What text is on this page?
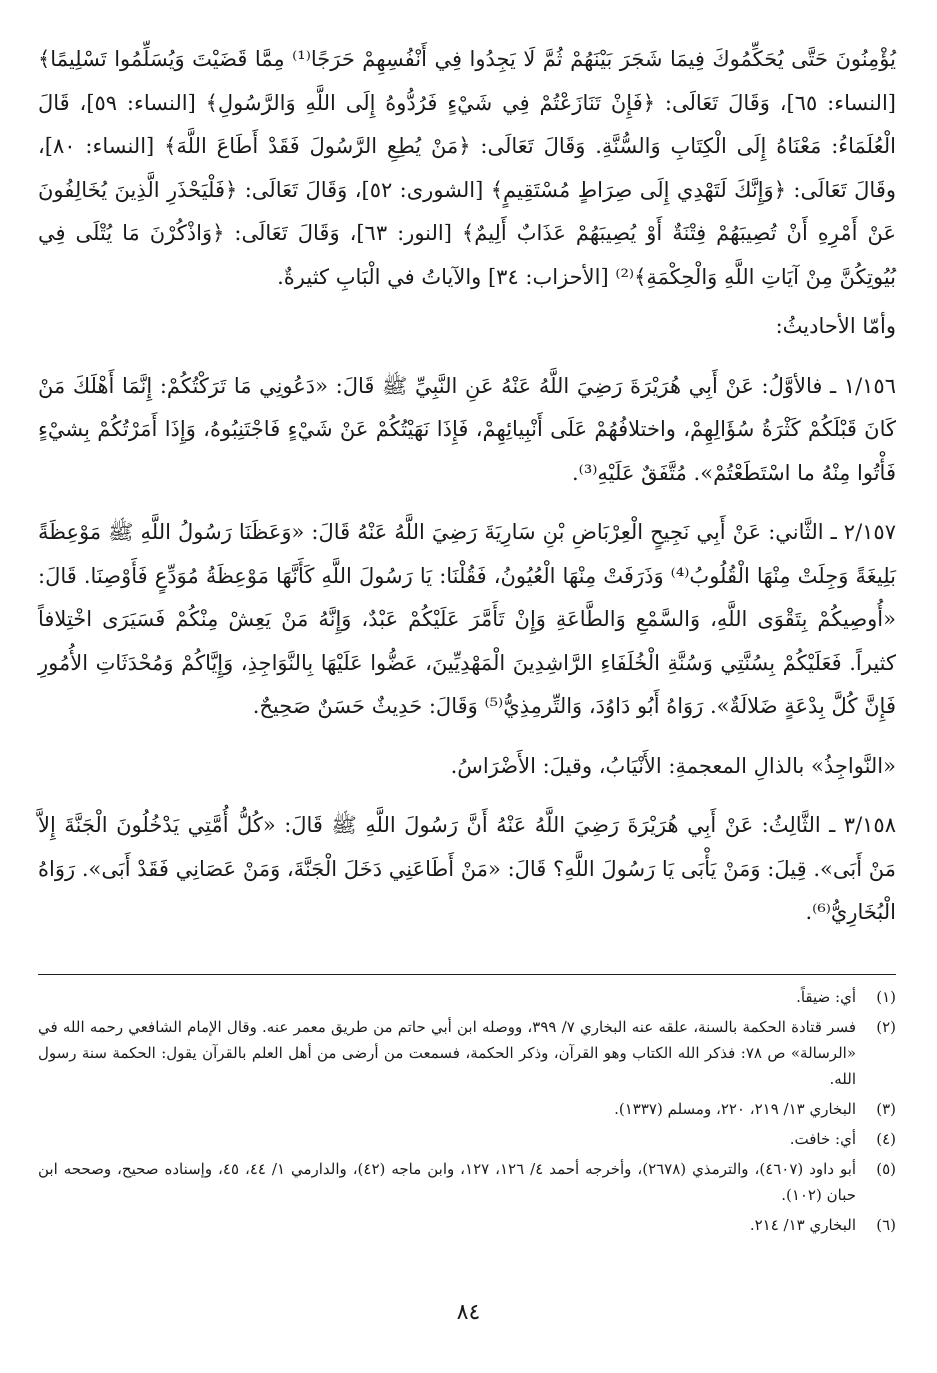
يُؤْمِنُونَ حَتَّى يُحَكِّمُوكَ فِيمَا شَجَرَ بَيْنَهُمْ ثُمَّ لَا يَجِدُوا فِي أَنْفُسِهِمْ حَرَجًا⁽¹⁾ مِمَّا قَضَيْتَ وَيُسَلِّمُوا تَسْلِيمًا﴾ [النساء: ٦٥]، وَقَالَ تَعَالَى: ﴿فَإِنْ تَنَازَعْتُمْ فِي شَيْءٍ فَرُدُّوهُ إِلَى اللَّهِ وَالرَّسُولِ﴾ [النساء: ٥٩]، قَالَ الْعُلَمَاءُ: مَعْنَاهُ إِلَى الْكِتَابِ وَالسُّنَّةِ. وَقَالَ تَعَالَى: ﴿مَنْ يُطِعِ الرَّسُولَ فَقَدْ أَطَاعَ اللَّهَ﴾ [النساء: ٨٠]، وقَالَ تَعَالَى: ﴿وَإِنَّكَ لَتَهْدِي إِلَى صِرَاطٍ مُسْتَقِيمٍ﴾ [الشورى: ٥٢]، وَقَالَ تَعَالَى: ﴿فَلْيَحْذَرِ الَّذِينَ يُخَالِفُونَ عَنْ أَمْرِهِ أَنْ تُصِيبَهُمْ فِتْنَةٌ أَوْ يُصِيبَهُمْ عَذَابٌ أَلِيمٌ﴾ [النور: ٦٣]، وَقَالَ تَعَالَى: ﴿وَاذْكُرْنَ مَا يُتْلَى فِي بُيُوتِكُنَّ مِنْ آيَاتِ اللَّهِ وَالْحِكْمَةِ﴾⁽²⁾ [الأحزاب: ٣٤] والآياتُ في الْبَابِ كثيرةٌ.

وأمّا الأحاديثُ:

١/١٥٦ ـ فالأوَّلُ: عَنْ أَبِي هُرَيْرَةَ رَضِيَ اللَّهُ عَنْهُ عَنِ النَّبِيِّ ﷺ قَالَ: «دَعُونِي مَا تَرَكْتُكُمْ: إِنَّمَا أَهْلَكَ مَنْ كَانَ قَبْلَكُمْ كَثْرَةُ سُؤَالِهِمْ، واختلافُهُمْ عَلَى أَنْبِيائِهِمْ، فَإِذَا نَهَيْتُكُمْ عَنْ شَيْءٍ فَاجْتَنِبُوهُ، وَإِذَا أَمَرْتُكُمْ بِشيْءٍ فَأْتُوا مِنْهُ ما اسْتَطَعْتُمْ». مُتَّفَقٌ عَلَيْهِ⁽³⁾.

٢/١٥٧ ـ الثَّاني: عَنْ أَبِي نَجِيحٍ الْعِرْبَاضِ بْنِ سَارِيَةَ رَضِيَ اللَّهُ عَنْهُ قَالَ: «وَعَظَنَا رَسُولُ اللَّهِ ﷺ مَوْعِظَةً بَلِيغَةً وَجِلَتْ مِنْهَا الْقُلُوبُ⁽⁴⁾ وَذَرَفَتْ مِنْهَا الْعُيُونُ، فَقُلْنَا: يَا رَسُولَ اللَّهِ كَأَنَّهَا مَوْعِظَةُ مُوَدِّعٍ فَأَوْصِنَا. قَالَ: «أُوصِيكُمْ بِتَقْوَى اللَّهِ، وَالسَّمْعِ وَالطَّاعَةِ وَإِنْ تَأَمَّرَ عَلَيْكُمْ عَبْدٌ، وَإِنَّهُ مَنْ يَعِشْ مِنْكُمْ فَسَيَرَى اخْتِلافاً كثيراً. فَعَلَيْكُمْ بِسُنَّتِي وَسُنَّةِ الْخُلَفَاءِ الرَّاشِدِينَ الْمَهْدِيِّينَ، عَضُّوا عَلَيْهَا بِالنَّوَاجِذِ، وَإِيَّاكُمْ وَمُحْدَثَاتِ الأُمُورِ فَإِنَّ كُلَّ بِدْعَةٍ ضَلالَةٌ». رَوَاهُ أَبُو دَاوُدَ، وَالتِّرمِذِيُّ⁽⁵⁾ وَقَالَ: حَدِيثٌ حَسَنٌ صَحِيحٌ.

«النَّواجِذُ» بالذالِ المعجمةِ: الأَنْيَابُ، وقيلَ: الأَضْرَاسُ.

٣/١٥٨ ـ الثَّالِثُ: عَنْ أَبِي هُرَيْرَةَ رَضِيَ اللَّهُ عَنْهُ أَنَّ رَسُولَ اللَّهِ ﷺ قَالَ: «كُلُّ أُمَّتِي يَدْخُلُونَ الْجَنَّةَ إِلاَّ مَنْ أَبَى». قِيلَ: وَمَنْ يَأْبَى يَا رَسُولَ اللَّهِ؟ قَالَ: «مَنْ أَطَاعَنِي دَخَلَ الْجَنَّةَ، وَمَنْ عَصَانِي فَقَدْ أَبَى». رَوَاهُ الْبُخَارِيُّ⁽⁶⁾.

(١)
أي: ضيقاً.
(٢)
فسر قتادة الحكمة بالسنة، علقه عنه البخاري ٧/ ٣٩٩، ووصله ابن أبي حاتم من طريق معمر عنه. وقال الإمام الشافعي رحمه الله في «الرسالة» ص ٧٨: فذكر الله الكتاب وهو القرآن، وذكر الحكمة، فسمعت من أرضى من أهل العلم بالقرآن يقول: الحكمة سنة رسول الله.
(٣)
البخاري ١٣/ ٢١٩، ٢٢٠، ومسلم (١٣٣٧).
(٤)
أي: خافت.
(٥)
أبو داود (٤٦٠٧)، والترمذي (٢٦٧٨)، وأخرجه أحمد ٤/ ١٢٦، ١٢٧، وابن ماجه (٤٢)، والدارمي ١/ ٤٤، ٤٥، وإسناده صحيح، وصححه ابن حبان (١٠٢).
(٦)
البخاري ١٣/ ٢١٤.
٨٤
